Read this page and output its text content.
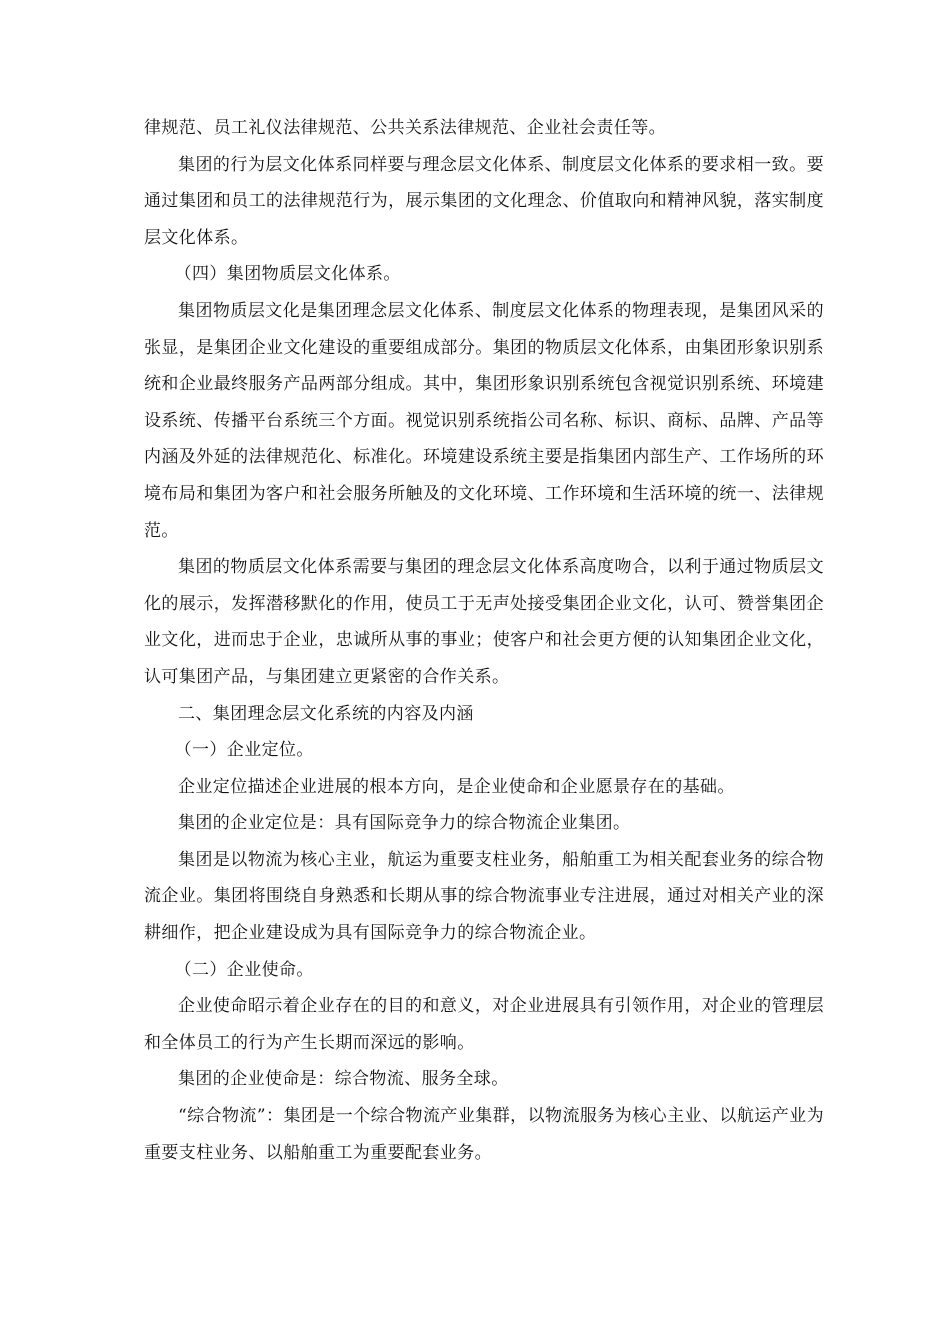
律规范、员工礼仪法律规范、公共关系法律规范、企业社会责任等。

集团的行为层文化体系同样要与理念层文化体系、制度层文化体系的要求相一致。要通过集团和员工的法律规范行为，展示集团的文化理念、价值取向和精神风貌，落实制度层文化体系。

（四）集团物质层文化体系。

集团物质层文化是集团理念层文化体系、制度层文化体系的物理表现，是集团风采的张显，是集团企业文化建设的重要组成部分。集团的物质层文化体系，由集团形象识别系统和企业最终服务产品两部分组成。其中，集团形象识别系统包含视觉识别系统、环境建设系统、传播平台系统三个方面。视觉识别系统指公司名称、标识、商标、品牌、产品等内涵及外延的法律规范化、标准化。环境建设系统主要是指集团内部生产、工作场所的环境布局和集团为客户和社会服务所触及的文化环境、工作环境和生活环境的统一、法律规范。

集团的物质层文化体系需要与集团的理念层文化体系高度吻合，以利于通过物质层文化的展示，发挥潜移默化的作用，使员工于无声处接受集团企业文化，认可、赞誉集团企业文化，进而忠于企业，忠诚所从事的事业；使客户和社会更方便的认知集团企业文化，认可集团产品，与集团建立更紧密的合作关系。

二、集团理念层文化系统的内容及内涵

（一）企业定位。

企业定位描述企业进展的根本方向，是企业使命和企业愿景存在的基础。

集团的企业定位是：具有国际竞争力的综合物流企业集团。

集团是以物流为核心主业，航运为重要支柱业务，船舶重工为相关配套业务的综合物流企业。集团将围绕自身熟悉和长期从事的综合物流事业专注进展，通过对相关产业的深耕细作，把企业建设成为具有国际竞争力的综合物流企业。

（二）企业使命。

企业使命昭示着企业存在的目的和意义，对企业进展具有引领作用，对企业的管理层和全体员工的行为产生长期而深远的影响。

集团的企业使命是：综合物流、服务全球。

“综合物流”：集团是一个综合物流产业集群，以物流服务为核心主业、以航运产业为重要支柱业务、以船舶重工为重要配套业务。
